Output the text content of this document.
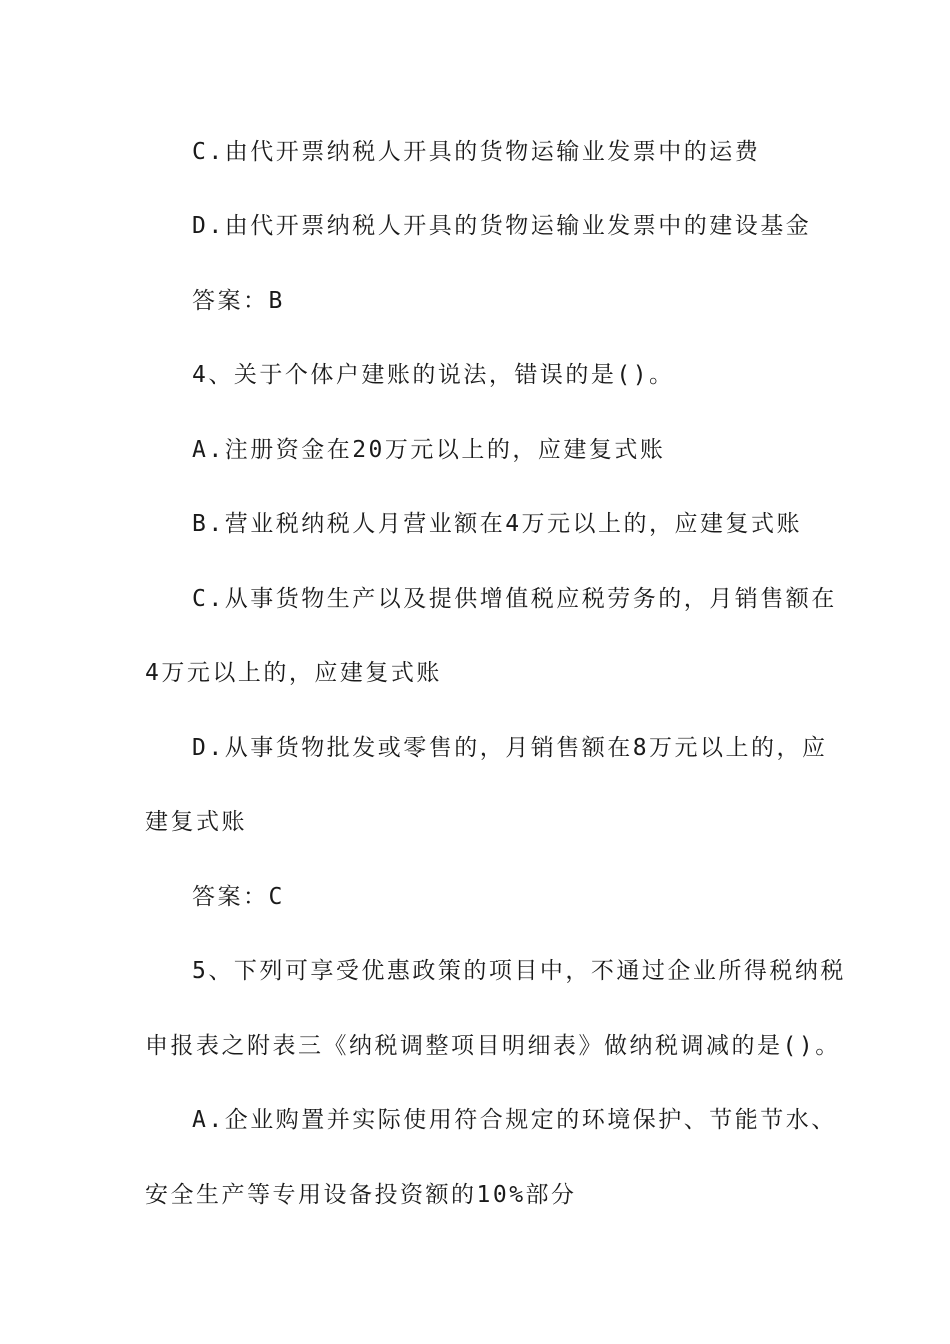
C.由代开票纳税人开具的货物运输业发票中的运费
D.由代开票纳税人开具的货物运输业发票中的建设基金
答案：B
4、关于个体户建账的说法，错误的是()。
A.注册资金在20万元以上的，应建复式账
B.营业税纳税人月营业额在4万元以上的，应建复式账
C.从事货物生产以及提供增值税应税劳务的，月销售额在
4万元以上的，应建复式账
D.从事货物批发或零售的，月销售额在8万元以上的，应
建复式账
答案：C
5、下列可享受优惠政策的项目中，不通过企业所得税纳税
申报表之附表三《纳税调整项目明细表》做纳税调减的是()。
A.企业购置并实际使用符合规定的环境保护、节能节水、
安全生产等专用设备投资额的10%部分
